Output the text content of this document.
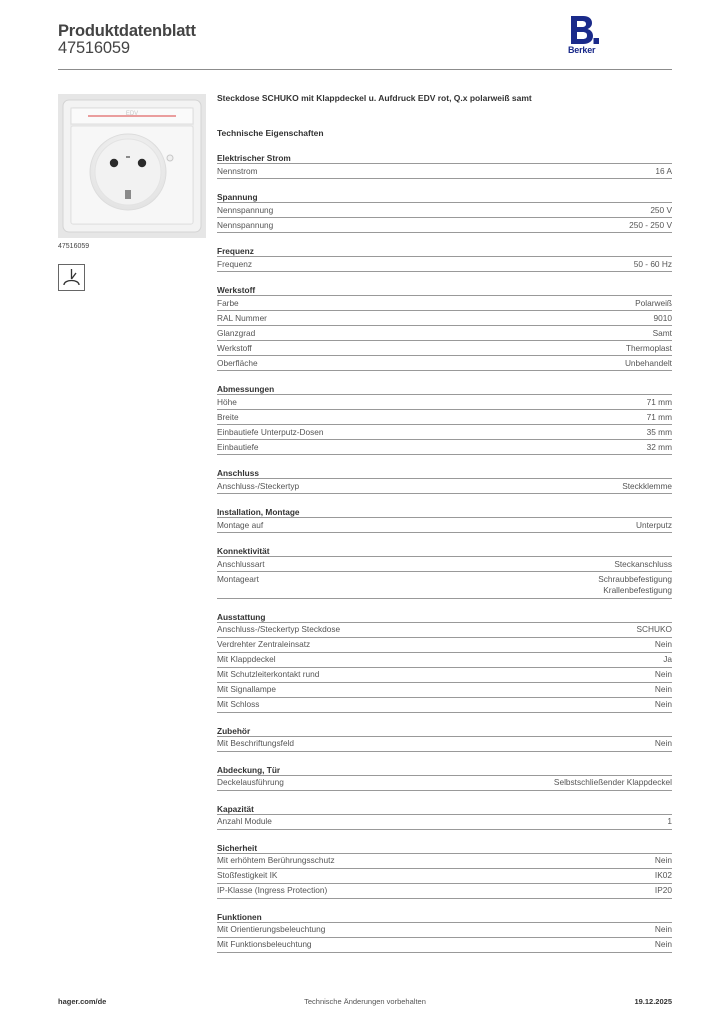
Produktdatenblatt
47516059	Berker
EDV
47516059
Steckdose SCHUKO mit Klappdeckel u. Aufdruck EDV rot, Q.x polarweiß samt
Technische Eigenschaften
Elektrischer Strom
Nennstrom	16 A
Spannung
Nennspannung	250 V
Nennspannung	250 - 250 V
Frequenz
Frequenz	50 - 60 Hz
Werkstoff
Farbe	Polarweiß
RAL Nummer	9010
Glanzgrad	Samt
Werkstoff	Thermoplast
Oberfläche	Unbehandelt
Abmessungen
Höhe	71 mm
Breite	71 mm
Einbautiefe Unterputz-Dosen	35 mm
Einbautiefe	32 mm
Anschluss
Anschluss-/Steckertyp	Steckklemme
Installation, Montage
Montage auf	Unterputz
Konnektivität
Anschlussart	Steckanschluss
Montageart	Schraubbefestigung
Krallenbefestigung
Ausstattung
Anschluss-/Steckertyp Steckdose	SCHUKO
Verdrehter Zentraleinsatz	Nein
Mit Klappdeckel	Ja
Mit Schutzleiterkontakt rund	Nein
Mit Signallampe	Nein
Mit Schloss	Nein
Zubehör
Mit Beschriftungsfeld	Nein
Abdeckung, Tür
Deckelausführung	Selbstschließender Klappdeckel
Kapazität
Anzahl Module	1
Sicherheit
Mit erhöhtem Berührungsschutz	Nein
Stoßfestigkeit IK	IK02
IP-Klasse (Ingress Protection)	IP20
Funktionen
Mit Orientierungsbeleuchtung	Nein
Mit Funktionsbeleuchtung	Nein
hager.com/de	Technische Änderungen vorbehalten	19.12.2025
